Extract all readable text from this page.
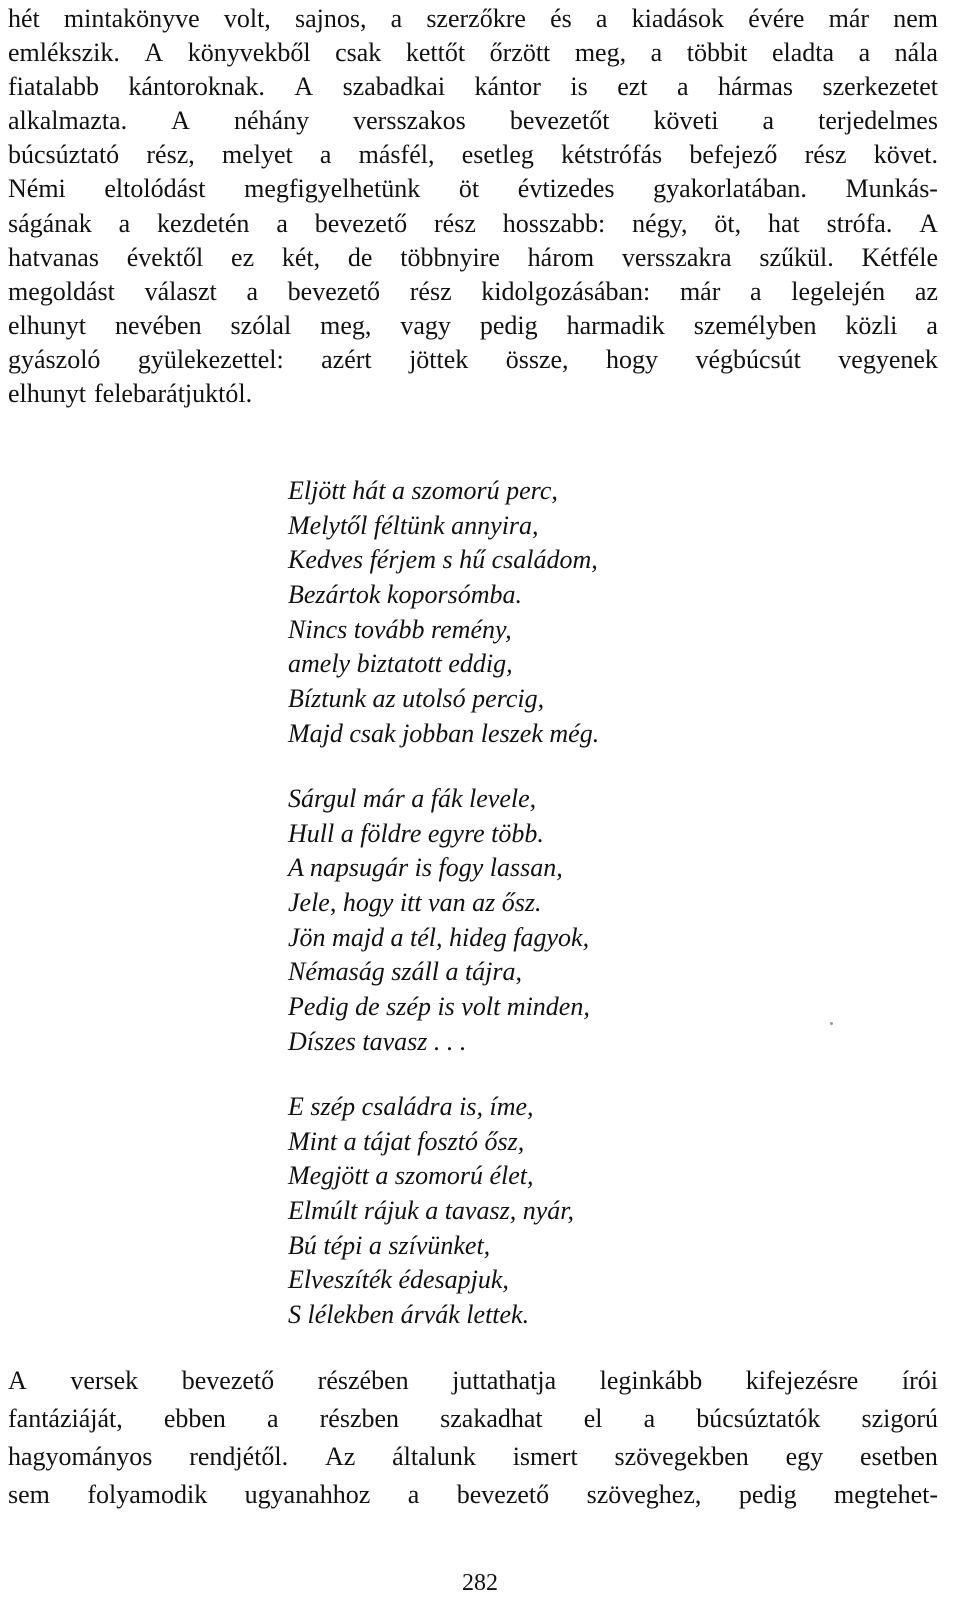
hét mintakönyve volt, sajnos, a szerzőkre és a kiadások évére már nem
emlékszik. A könyvekből csak kettőt őrzött meg, a többit eladta a nála
fiatalabb kántoroknak. A szabadkai kántor is ezt a hármas szerkezetet
alkalmazta. A néhány versszakos bevezetőt követi a terjedelmes
búcsúztató rész, melyet a másfél, esetleg kétstrófás befejező rész követ.
Némi eltolódást megfigyelhetünk öt évtizedes gyakorlatában. Munkás-
ságának a kezdetén a bevezető rész hosszabb: négy, öt, hat strófa. A
hatvanas évektől ez két, de többnyire három versszakra szűkül. Kétféle
megoldást választ a bevezető rész kidolgozásában: már a legelején az
elhunyt nevében szólal meg, vagy pedig harmadik személyben közli a
gyászoló gyülekezettel: azért jöttek össze, hogy végbúcsút vegyenek
elhunyt felebarátjuktól.
Eljött hát a szomorú perc,
Melytől féltünk annyira,
Kedves férjem s hű családom,
Bezártok koporsómba.
Nincs tovább remény,
amely biztatott eddig,
Bíztunk az utolsó percig,
Majd csak jobban leszek még.
Sárgul már a fák levele,
Hull a földre egyre több.
A napsugár is fogy lassan,
Jele, hogy itt van az ősz.
Jön majd a tél, hideg fagyok,
Némaság száll a tájra,
Pedig de szép is volt minden,
Díszes tavasz . . .
E szép családra is, íme,
Mint a tájat fosztó ősz,
Megjött a szomorú élet,
Elmúlt rájuk a tavasz, nyár,
Bú tépi a szívünket,
Elveszíték édesapjuk,
S lélekben árvák lettek.
A versek bevezető részében juttathatja leginkább kifejezésre írói
fantáziáját, ebben a részben szakadhat el a búcsúztatók szigorú
hagyományos rendjétől. Az általunk ismert szövegekben egy esetben
sem folyamodik ugyanahhoz a bevezető szöveghez, pedig megtehet-
282
